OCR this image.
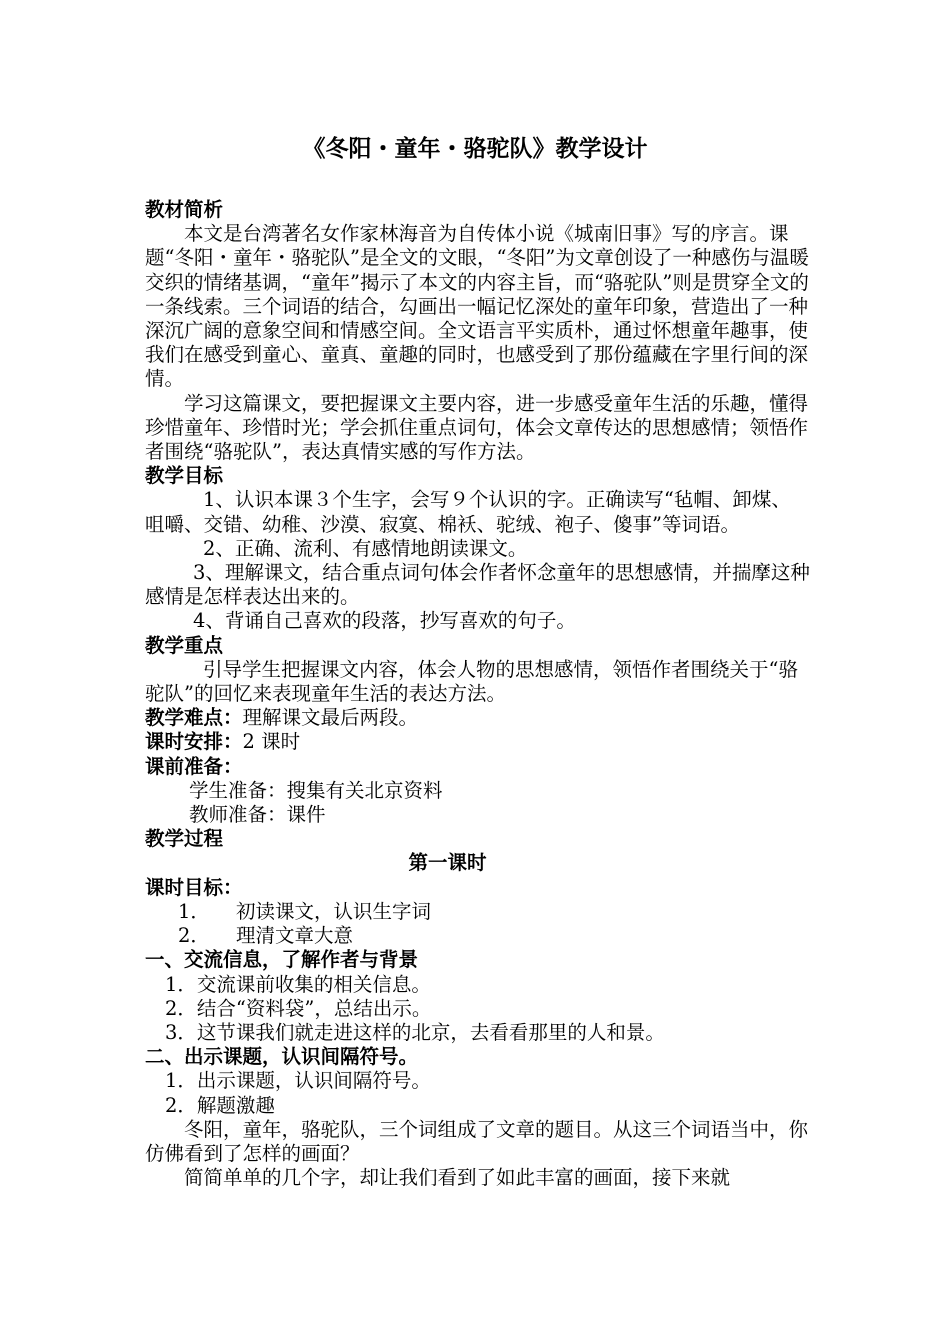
《冬阳・童年・骆驼队》教学设计
教材简析

本文是台湾著名女作家林海音为自传体小说《城南旧事》写的序言。课题“冬阳・童年・骆驼队”是全文的文眼，“冬阳”为文章创设了一种感伤与温暖交织的情绪基调，“童年”揭示了本文的内容主旨，而“骆驼队”则是贯穿全文的一条线索。三个词语的结合，勾画出一幅记忆深处的童年印象，营造出了一种深沉广阔的意象空间和情感空间。全文语言平实质朴，通过怀想童年趣事，使我们在感受到童心、童真、童趣的同时，也感受到了那份蕴藏在字里行间的深情。

学习这篇课文，要把握课文主要内容，进一步感受童年生活的乐趣，懂得珍惜童年、珍惜时光；学会抓住重点词句，体会文章传达的思想感情；领悟作者围绕“骆驼队”，表达真情实感的写作方法。

教学目标

1、认识本课３个生字，会写９个认识的字。正确读写“毡帽、卸煤、咀嚼、交错、幼稚、沙漠、寂寞、棉袄、驼绒、袍子、傻事”等词语。

2、正确、流利、有感情地朗读课文。

3、理解课文，结合重点词句体会作者怀念童年的思想感情，并揣摩这种感情是怎样表达出来的。

4、背诵自己喜欢的段落，抄写喜欢的句子。

教学重点

引导学生把握课文内容，体会人物的思想感情，领悟作者围绕关于“骆驼队”的回忆来表现童年生活的表达方法。

教学难点：理解课文最后两段。
课时安排：2 课时
课前准备：

学生准备：搜集有关北京资料

教师准备：课件

教学过程
第一课时
课时目标：
1． 初读课文，认识生字词
2． 理清文章大意
一、交流信息，了解作者与背景
1．交流课前收集的相关信息。
2．结合“资料袋”，总结出示。
3．这节课我们就走进这样的北京，去看看那里的人和景。
二、出示课题，认识间隔符号。
1．出示课题，认识间隔符号。
2．解题激趣

冬阳，童年，骆驼队，三个词组成了文章的题目。从这三个词语当中，你仿佛看到了怎样的画面？

简简单单的几个字，却让我们看到了如此丰富的画面，接下来就
